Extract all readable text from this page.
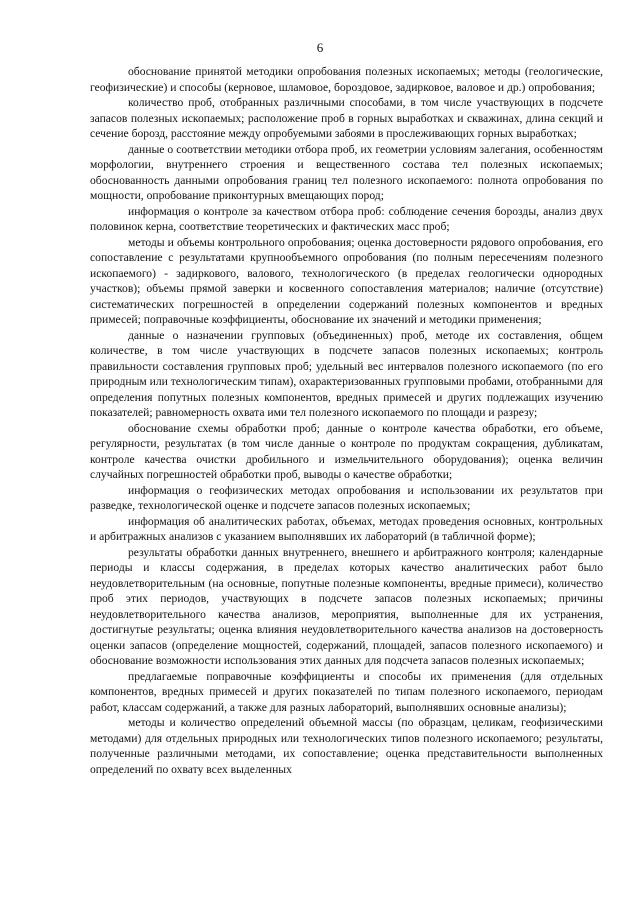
6

обоснование принятой методики опробования полезных ископаемых; методы (геологические, геофизические) и способы (керновое, шламовое, бороздовое, задирковое, валовое и др.) опробования;

количество проб, отобранных различными способами, в том числе участвующих в подсчете запасов полезных ископаемых; расположение проб в горных выработках и скважинах, длина секций и сечение борозд, расстояние между опробуемыми забоями в прослеживающих горных выработках;

данные о соответствии методики отбора проб, их геометрии условиям залегания, особенностям морфологии, внутреннего строения и вещественного состава тел полезных ископаемых; обоснованность данными опробования границ тел полезного ископаемого: полнота опробования по мощности, опробование приконтурных вмещающих пород;

информация о контроле за качеством отбора проб: соблюдение сечения борозды, анализ двух половинок керна, соответствие теоретических и фактических масс проб;

методы и объемы контрольного опробования; оценка достоверности рядового опробования, его сопоставление с результатами крупнообъемного опробования (по полным пересечениям полезного ископаемого) - задиркового, валового, технологического (в пределах геологически однородных участков); объемы прямой заверки и косвенного сопоставления материалов; наличие (отсутствие) систематических погрешностей в определении содержаний полезных компонентов и вредных примесей; поправочные коэффициенты, обоснование их значений и методики применения;

данные о назначении групповых (объединенных) проб, методе их составления, общем количестве, в том числе участвующих в подсчете запасов полезных ископаемых; контроль правильности составления групповых проб; удельный вес интервалов полезного ископаемого (по его природным или технологическим типам), охарактеризованных групповыми пробами, отобранными для определения попутных полезных компонентов, вредных примесей и других подлежащих изучению показателей; равномерность охвата ими тел полезного ископаемого по площади и разрезу;

обоснование схемы обработки проб; данные о контроле качества обработки, его объеме, регулярности, результатах (в том числе данные о контроле по продуктам сокращения, дубликатам, контроле качества очистки дробильного и измельчительного оборудования); оценка величин случайных погрешностей обработки проб, выводы о качестве обработки;

информация о геофизических методах опробования и использовании их результатов при разведке, технологической оценке и подсчете запасов полезных ископаемых;

информация об аналитических работах, объемах, методах проведения основных, контрольных и арбитражных анализов с указанием выполнявших их лабораторий (в табличной форме);

результаты обработки данных внутреннего, внешнего и арбитражного контроля; календарные периоды и классы содержания, в пределах которых качество аналитических работ было неудовлетворительным (на основные, попутные полезные компоненты, вредные примеси), количество проб этих периодов, участвующих в подсчете запасов полезных ископаемых; причины неудовлетворительного качества анализов, мероприятия, выполненные для их устранения, достигнутые результаты; оценка влияния неудовлетворительного качества анализов на достоверность оценки запасов (определение мощностей, содержаний, площадей, запасов полезного ископаемого) и обоснование возможности использования этих данных для подсчета запасов полезных ископаемых;

предлагаемые поправочные коэффициенты и способы их применения (для отдельных компонентов, вредных примесей и других показателей по типам полезного ископаемого, периодам работ, классам содержаний, а также для разных лабораторий, выполнявших основные анализы);

методы и количество определений объемной массы (по образцам, целикам, геофизическими методами) для отдельных природных или технологических типов полезного ископаемого; результаты, полученные различными методами, их сопоставление; оценка представительности выполненных определений по охвату всех выделенных
